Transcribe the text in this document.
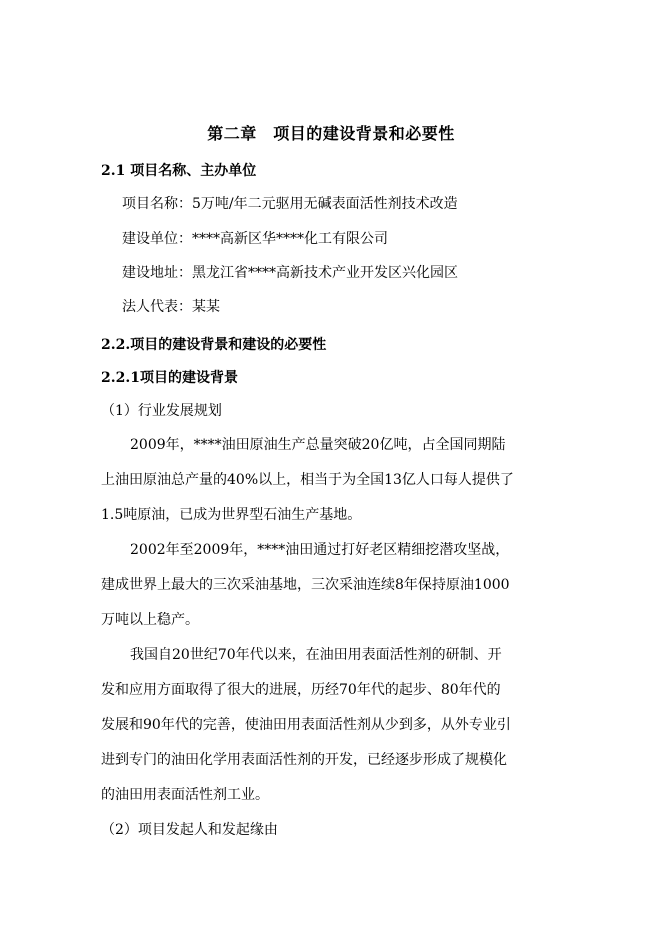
第二章　项目的建设背景和必要性
2.1 项目名称、主办单位
项目名称：5万吨/年二元驱用无碱表面活性剂技术改造
建设单位：****高新区华****化工有限公司
建设地址：黑龙江省****高新技术产业开发区兴化园区
法人代表：某某
2.2.项目的建设背景和建设的必要性
2.2.1项目的建设背景
（1）行业发展规划
　2009年，****油田原油生产总量突破20亿吨，占全国同期陆
上油田原油总产量的40%以上，相当于为全国13亿人口每人提供了
1.5吨原油，已成为世界型石油生产基地。
　2002年至2009年，****油田通过打好老区精细挖潜攻坚战，
建成世界上最大的三次采油基地，三次采油连续8年保持原油1000
万吨以上稳产。
　我国自20世纪70年代以来，在油田用表面活性剂的研制、开
发和应用方面取得了很大的进展，历经70年代的起步、80年代的
发展和90年代的完善，使油田用表面活性剂从少到多，从外专业引
进到专门的油田化学用表面活性剂的开发，已经逐步形成了规模化
的油田用表面活性剂工业。
（2）项目发起人和发起缘由
